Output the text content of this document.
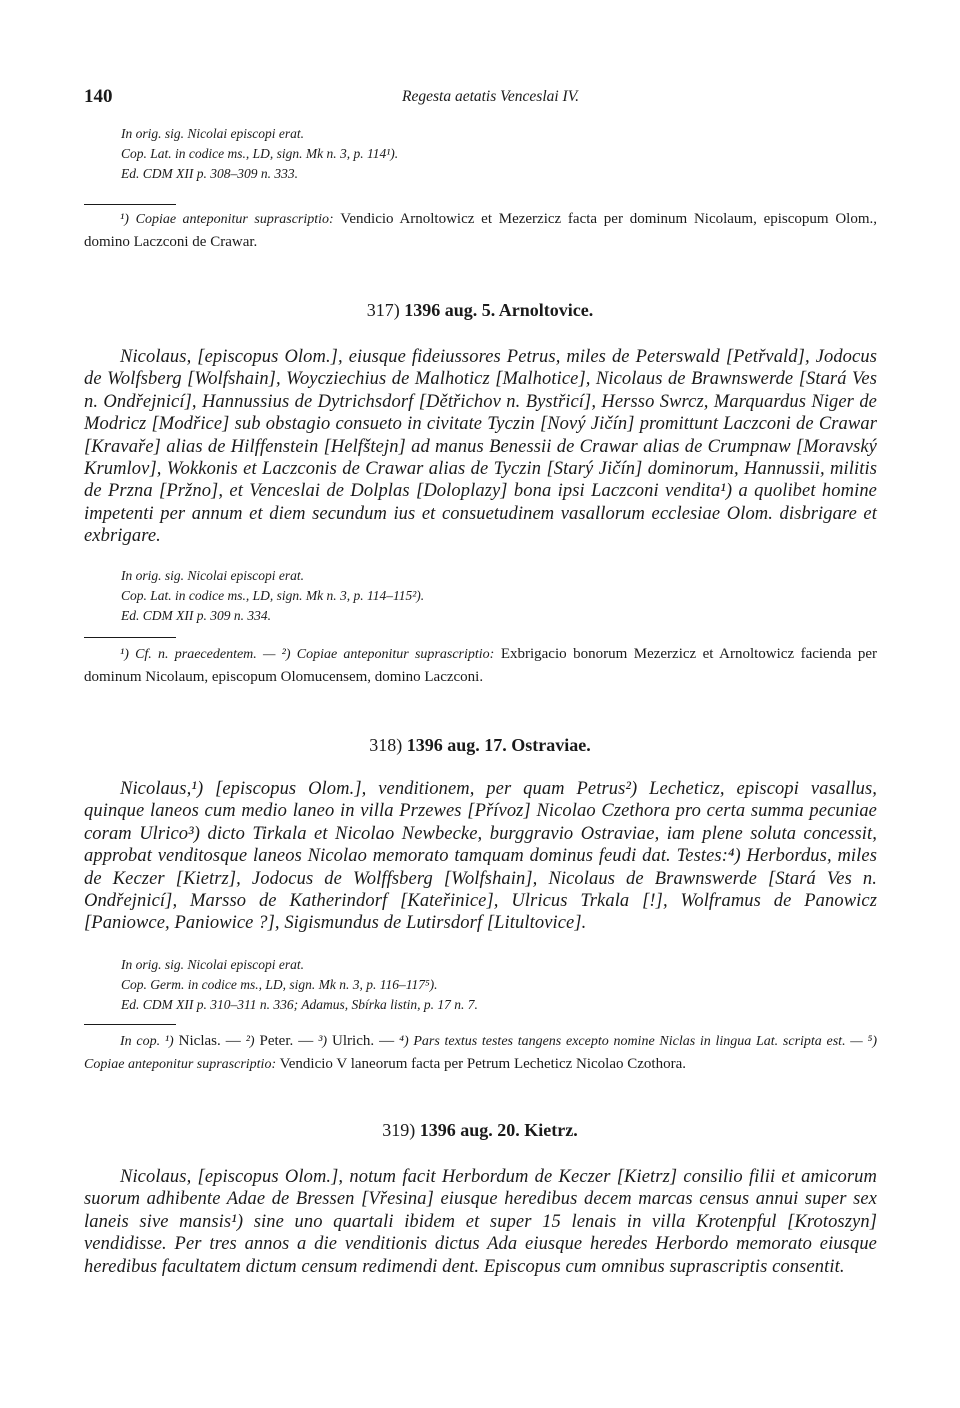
140	Regesta aetatis Venceslai IV.
In orig. sig. Nicolai episcopi erat.
Cop. Lat. in codice ms., LD, sign. Mk n. 3, p. 114¹).
Ed. CDM XII p. 308–309 n. 333.
¹) Copiae anteponitur suprascriptio: Vendicio Arnoltowicz et Mezerzicz facta per dominum Nicolaum, episcopum Olom., domino Laczconi de Crawar.
317) 1396 aug. 5. Arnoltovice.
Nicolaus, [episcopus Olom.], eiusque fideiussores Petrus, miles de Peterswald [Petřvald], Jodocus de Wolfsberg [Wolfshain], Woycziechius de Malhoticz [Malhotice], Nicolaus de Brawnswerde [Stará Ves n. Ondřejnicí], Hannussius de Dytrichsdorf [Dětřichov n. Bystřicí], Hersso Swrcz, Marquardus Niger de Modricz [Modřice] sub obstagio consueto in civitate Tyczin [Nový Jičín] promittunt Laczconi de Crawar [Kravaře] alias de Hilffenstein [Helfštejn] ad manus Benessii de Crawar alias de Crumpnaw [Moravský Krumlov], Wokkonis et Laczconis de Crawar alias de Tyczin [Starý Jičín] dominorum, Hannussii, militis de Przna [Pržno], et Venceslai de Dolplas [Doloplazy] bona ipsi Laczconi vendita¹) a quolibet homine impetenti per annum et diem secundum ius et consuetudinem vasallorum ecclesiae Olom. disbrigare et exbrigare.
In orig. sig. Nicolai episcopi erat.
Cop. Lat. in codice ms., LD, sign. Mk n. 3, p. 114–115²).
Ed. CDM XII p. 309 n. 334.
¹) Cf. n. praecedentem. — ²) Copiae anteponitur suprascriptio: Exbrigacio bonorum Mezerzicz et Arnoltowicz facienda per dominum Nicolaum, episcopum Olomucensem, domino Laczconi.
318) 1396 aug. 17. Ostraviae.
Nicolaus,¹) [episcopus Olom.], venditionem, per quam Petrus²) Lecheticz, episcopi vasallus, quinque laneos cum medio laneo in villa Przewes [Přívoz] Nicolao Czethora pro certa summa pecuniae coram Ulrico³) dicto Tirkala et Nicolao Newbecke, burggravio Ostraviae, iam plene soluta concessit, approbat venditosque laneos Nicolao memorato tamquam dominus feudi dat. Testes:⁴) Herbordus, miles de Keczer [Kietrz], Jodocus de Wolffsberg [Wolfshain], Nicolaus de Brawnswerde [Stará Ves n. Ondřejnicí], Marsso de Katherindorf [Kateřinice], Ulricus Trkala [!], Wolframus de Panowicz [Paniowce, Paniowice ?], Sigismundus de Lutirsdorf [Litultovice].
In orig. sig. Nicolai episcopi erat.
Cop. Germ. in codice ms., LD, sign. Mk n. 3, p. 116–117⁵).
Ed. CDM XII p. 310–311 n. 336; Adamus, Sbírka listin, p. 17 n. 7.
In cop. ¹) Niclas. — ²) Peter. — ³) Ulrich. — ⁴) Pars textus testes tangens excepto nomine Niclas in lingua Lat. scripta est. — ⁵) Copiae anteponitur suprascriptio: Vendicio V laneorum facta per Petrum Lecheticz Nicolao Czothora.
319) 1396 aug. 20. Kietrz.
Nicolaus, [episcopus Olom.], notum facit Herbordum de Keczer [Kietrz] consilio filii et amicorum suorum adhibente Adae de Bressen [Vřesina] eiusque heredibus decem marcas census annui super sex laneis sive mansis¹) sine uno quartali ibidem et super 15 lenais in villa Krotenpful [Krotoszyn] vendidisse. Per tres annos a die venditionis dictus Ada eiusque heredes Herbordo memorato eiusque heredibus facultatem dictum censum redimendi dent. Episcopus cum omnibus suprascriptis consentit.
